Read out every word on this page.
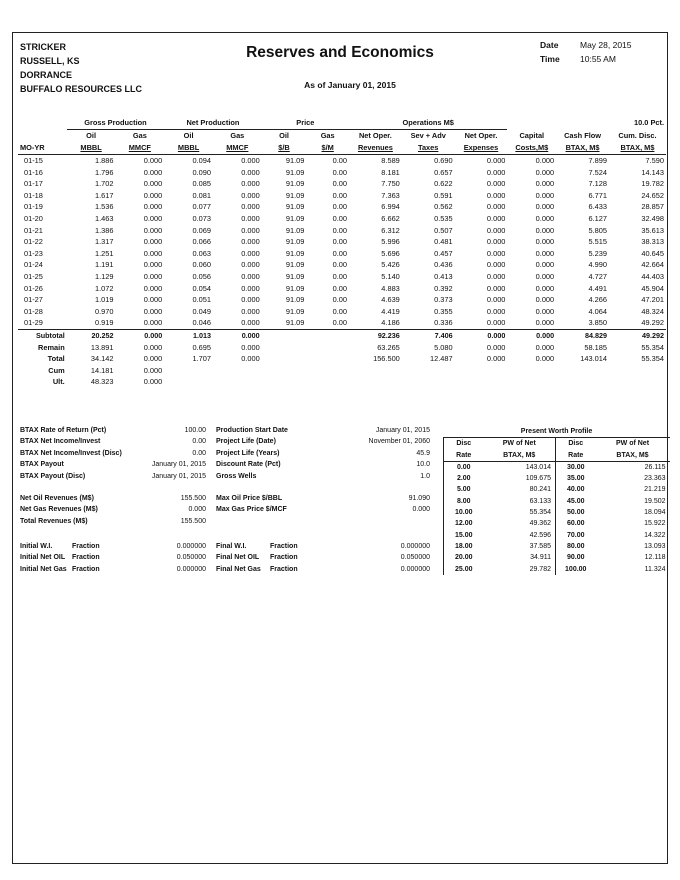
STRICKER
RUSSELL, KS
DORRANCE
BUFFALO RESOURCES LLC
Reserves and Economics
As of January 01, 2015
Date	May 28, 2015
Time 10:55 AM
	Gross Production		Net Production		Price		Operations M$					10.0 Pct.
	Oil	Gas	Oil	Gas	Oil	Gas	Net Oper.	Sev + Adv	Net Oper.	Capital	Cash Flow	Cum. Disc.
MO-YR	MBBL	MMCF	MBBL	MMCF	$/B	$/M	Revenues	Taxes	Expenses	Costs,M$	BTAX, M$	BTAX, M$
01-15	1.886	0.000	0.094	0.000	91.09	0.00	8.589	0.690	0.000	0.000	7.899	7.590
01-16	1.796	0.000	0.090	0.000	91.09	0.00	8.181	0.657	0.000	0.000	7.524	14.143
01-17	1.702	0.000	0.085	0.000	91.09	0.00	7.750	0.622	0.000	0.000	7.128	19.782
01-18	1.617	0.000	0.081	0.000	91.09	0.00	7.363	0.591	0.000	0.000	6.771	24.652
01-19	1.536	0.000	0.077	0.000	91.09	0.00	6.994	0.562	0.000	0.000	6.433	28.857
01-20	1.463	0.000	0.073	0.000	91.09	0.00	6.662	0.535	0.000	0.000	6.127	32.498
01-21	1.386	0.000	0.069	0.000	91.09	0.00	6.312	0.507	0.000	0.000	5.805	35.613
01-22	1.317	0.000	0.066	0.000	91.09	0.00	5.996	0.481	0.000	0.000	5.515	38.313
01-23	1.251	0.000	0.063	0.000	91.09	0.00	5.696	0.457	0.000	0.000	5.239	40.645
01-24	1.191	0.000	0.060	0.000	91.09	0.00	5.426	0.436	0.000	0.000	4.990	42.664
01-25	1.129	0.000	0.056	0.000	91.09	0.00	5.140	0.413	0.000	0.000	4.727	44.403
01-26	1.072	0.000	0.054	0.000	91.09	0.00	4.883	0.392	0.000	0.000	4.491	45.904
01-27	1.019	0.000	0.051	0.000	91.09	0.00	4.639	0.373	0.000	0.000	4.266	47.201
01-28	0.970	0.000	0.049	0.000	91.09	0.00	4.419	0.355	0.000	0.000	4.064	48.324
01-29	0.919	0.000	0.046	0.000	91.09	0.00	4.186	0.336	0.000	0.000	3.850	49.292
Subtotal	20.252	0.000	1.013	0.000			92.236	7.406	0.000	0.000	84.829	49.292
Remain	13.891	0.000	0.695	0.000			63.265	5.080	0.000	0.000	58.185	55.354
Total	34.142	0.000	1.707	0.000			156.500	12.487	0.000	0.000	143.014	55.354
Cum	14.181	0.000										
Ult.	48.323	0.000										
BTAX Rate of Return (Pct)	100.00
BTAX Net Income/Invest	0.00
BTAX Net Income/Invest (Disc)	0.00
BTAX Payout	January 01, 2015
BTAX Payout (Disc)	January 01, 2015
Production Start Date	January 01, 2015
Project Life (Date)	November 01, 2060
Project Life (Years)	45.9
Discount Rate (Pct)	10.0
Gross Wells	1.0
Net Oil Revenues (M$)	155.500
Net Gas Revenues (M$)	0.000
Total Revenues (M$)	155.500
Max Oil Price $/BBL	91.090
Max Gas Price $/MCF	0.000
Initial W.I.	Fraction	0.000000
Initial Net OIL Fraction	0.050000
Initial Net Gas Fraction	0.000000
Final W.I.	Fraction	0.000000
Final Net OIL Fraction	0.050000
Final Net Gas Fraction	0.000000
Present Worth Profile			
Disc	PW of Net	Disc	PW of Net
Rate	BTAX, M$	Rate	BTAX, M$
0.00	143.014	30.00	26.115
2.00	109.675	35.00	23.363
5.00	80.241	40.00	21.219
8.00	63.133	45.00	19.502
10.00	55.354	50.00	18.094
12.00	49.362	60.00	15.922
15.00	42.596	70.00	14.322
18.00	37.585	80.00	13.093
20.00	34.911	90.00	12.118
25.00	29.782	100.00	11.324
